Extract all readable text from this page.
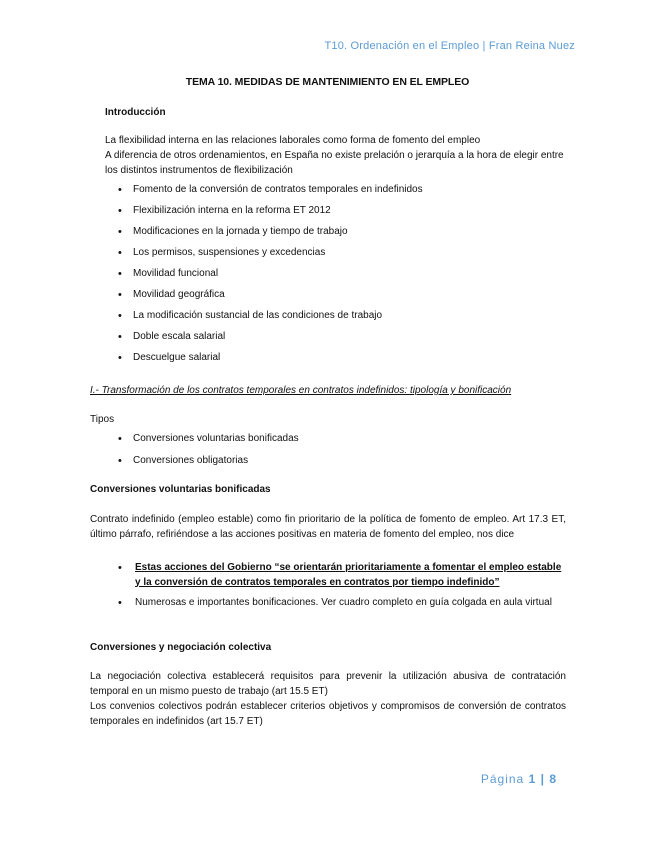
T10. Ordenación en el Empleo | Fran Reina Nuez
TEMA 10. MEDIDAS DE MANTENIMIENTO EN EL EMPLEO
Introducción
La flexibilidad interna en las relaciones laborales como forma de fomento del empleo
A diferencia de otros ordenamientos, en España no existe prelación o jerarquía a la hora de elegir entre los distintos instrumentos de flexibilización
• Fomento de la conversión de contratos temporales en indefinidos
• Flexibilización interna en la reforma ET 2012
• Modificaciones en la jornada y tiempo de trabajo
• Los permisos, suspensiones y excedencias
• Movilidad funcional
• Movilidad geográfica
• La modificación sustancial de las condiciones de trabajo
• Doble escala salarial
• Descuelgue salarial
I.- Transformación de los contratos temporales en contratos indefinidos: tipología y bonificación
Tipos
• Conversiones voluntarias bonificadas
• Conversiones obligatorias
Conversiones voluntarias bonificadas
Contrato indefinido (empleo estable) como fin prioritario de la política de fomento de empleo. Art 17.3 ET, último párrafo, refiriéndose a las acciones positivas en materia de fomento del empleo, nos dice
• Estas acciones del Gobierno “se orientarán prioritariamente a fomentar el empleo estable y la conversión de contratos temporales en contratos por tiempo indefinido”
• Numerosas e importantes bonificaciones. Ver cuadro completo en guía colgada en aula virtual
Conversiones y negociación colectiva
La negociación colectiva establecerá requisitos para prevenir la utilización abusiva de contratación temporal en un mismo puesto de trabajo (art 15.5 ET)
Los convenios colectivos podrán establecer criterios objetivos y compromisos de conversión de contratos temporales en indefinidos (art 15.7 ET)
Página 1 | 8
